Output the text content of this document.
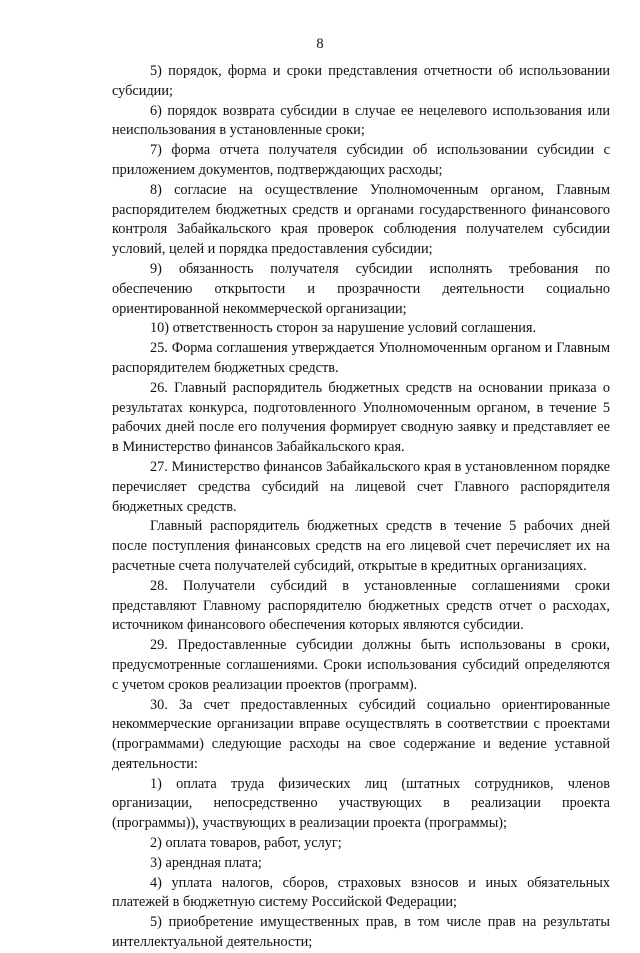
8

5) порядок, форма и сроки представления отчетности об использовании субсидии;

6) порядок возврата субсидии в случае ее нецелевого использования или неиспользования в установленные сроки;

7) форма отчета получателя субсидии об использовании субсидии с приложением документов, подтверждающих расходы;

8) согласие на осуществление Уполномоченным органом, Главным распорядителем бюджетных средств и органами государственного финансового контроля Забайкальского края проверок соблюдения получателем субсидии условий, целей и порядка предоставления субсидии;

9) обязанность получателя субсидии исполнять требования по обеспечению открытости и прозрачности деятельности социально ориентированной некоммерческой организации;

10) ответственность сторон за нарушение условий соглашения.

25. Форма соглашения утверждается Уполномоченным органом и Главным распорядителем бюджетных средств.

26. Главный распорядитель бюджетных средств на основании приказа о результатах конкурса, подготовленного Уполномоченным органом, в течение 5 рабочих дней после его получения формирует сводную заявку и представляет ее в Министерство финансов Забайкальского края.

27. Министерство финансов Забайкальского края в установленном порядке перечисляет средства субсидий на лицевой счет Главного распорядителя бюджетных средств.

Главный распорядитель бюджетных средств в течение 5 рабочих дней после поступления финансовых средств на его лицевой счет перечисляет их на расчетные счета получателей субсидий, открытые в кредитных организациях.

28. Получатели субсидий в установленные соглашениями сроки представляют Главному распорядителю бюджетных средств отчет о расходах, источником финансового обеспечения которых являются субсидии.

29. Предоставленные субсидии должны быть использованы в сроки, предусмотренные соглашениями. Сроки использования субсидий определяются с учетом сроков реализации проектов (программ).

30. За счет предоставленных субсидий социально ориентированные некоммерческие организации вправе осуществлять в соответствии с проектами (программами) следующие расходы на свое содержание и ведение уставной деятельности:

1) оплата труда физических лиц (штатных сотрудников, членов организации, непосредственно участвующих в реализации проекта (программы)), участвующих в реализации проекта (программы);

2) оплата товаров, работ, услуг;

3) арендная плата;

4) уплата налогов, сборов, страховых взносов и иных обязательных платежей в бюджетную систему Российской Федерации;

5) приобретение имущественных прав, в том числе прав на результаты интеллектуальной деятельности;
